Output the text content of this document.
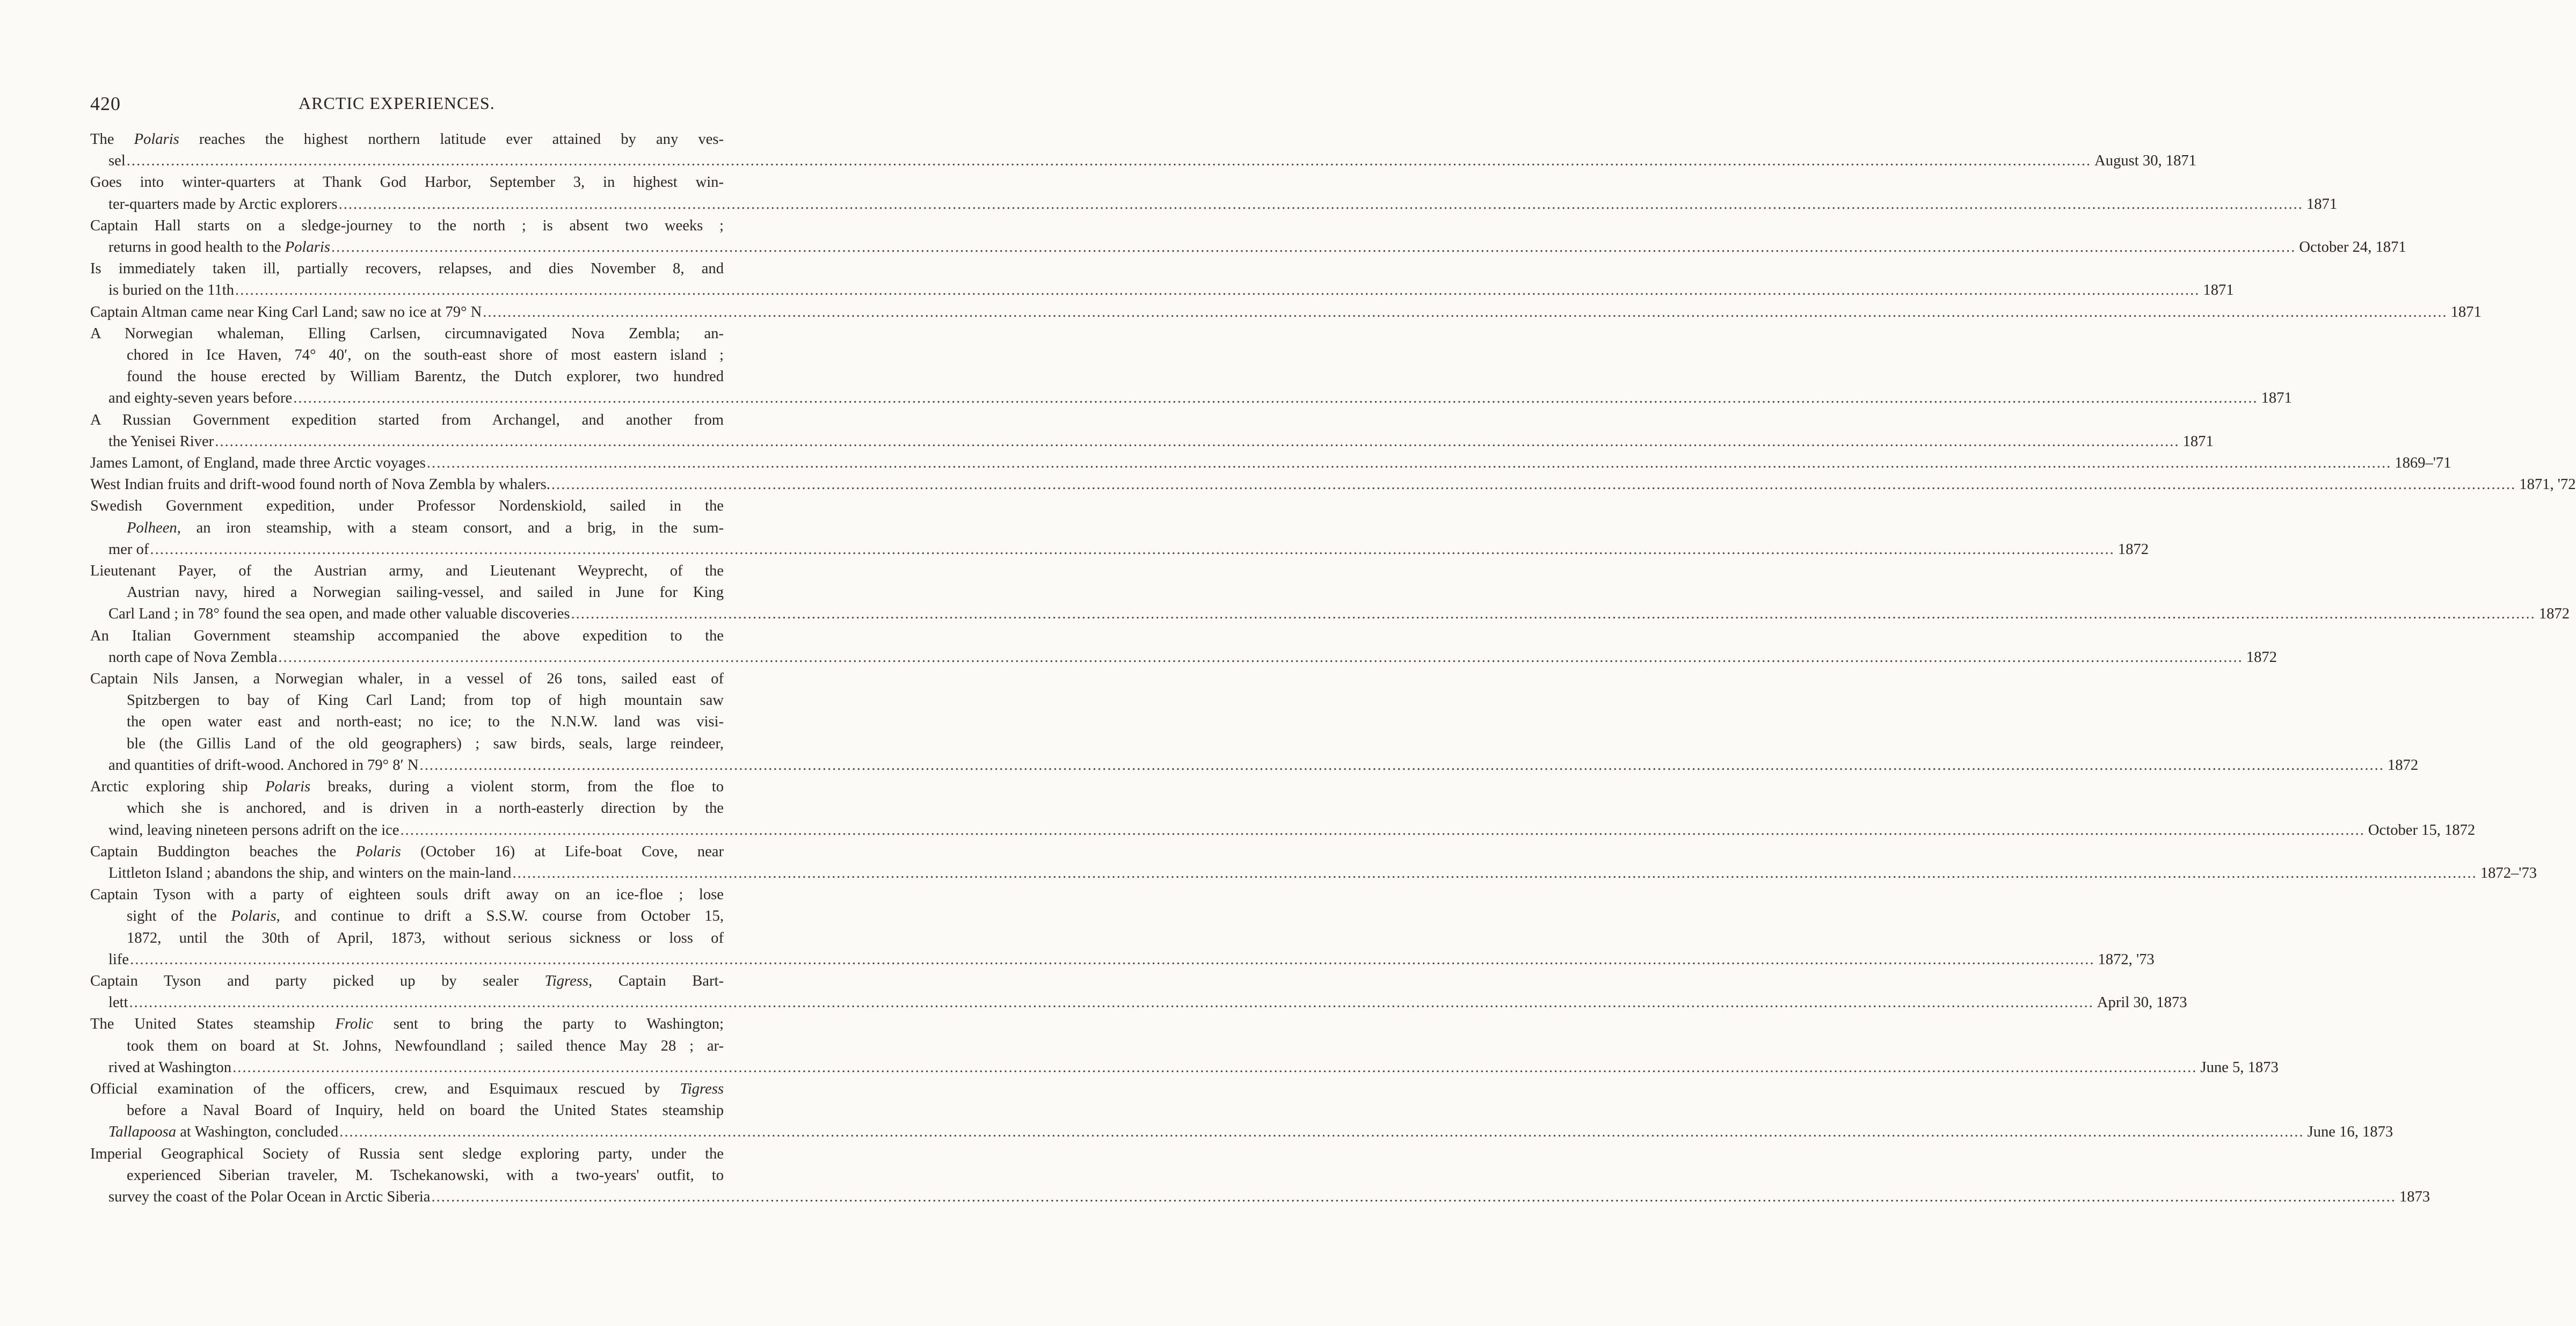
420	ARCTIC EXPERIENCES.
The Polaris reaches the highest northern latitude ever attained by any ves-
sel ................................................................................................................................................................................................................................................................................................................................................................................................................ August 30, 1871
Goes into winter-quarters at Thank God Harbor, September 3, in highest win-
ter-quarters made by Arctic explorers ................................................................................................................................................................................................................................................................................................................................................................................................................ 1871
Captain Hall starts on a sledge-journey to the north ; is absent two weeks ;
returns in good health to the Polaris ................................................................................................................................................................................................................................................................................................................................................................................................................ October 24, 1871
Is immediately taken ill, partially recovers, relapses, and dies November 8, and
is buried on the 11th ................................................................................................................................................................................................................................................................................................................................................................................................................ 1871
Captain Altman came near King Carl Land; saw no ice at 79° N ................................................................................................................................................................................................................................................................................................................................................................................................................ 1871
A Norwegian whaleman, Elling Carlsen, circumnavigated Nova Zembla; an-
chored in Ice Haven, 74° 40′, on the south-east shore of most eastern island ;
found the house erected by William Barentz, the Dutch explorer, two hundred
and eighty-seven years before ................................................................................................................................................................................................................................................................................................................................................................................................................ 1871
A Russian Government expedition started from Archangel, and another from
the Yenisei River ................................................................................................................................................................................................................................................................................................................................................................................................................ 1871
James Lamont, of England, made three Arctic voyages ................................................................................................................................................................................................................................................................................................................................................................................................................ 1869–'71
West Indian fruits and drift-wood found north of Nova Zembla by whalers. ................................................................................................................................................................................................................................................................................................................................................................................................................ 1871, '72
Swedish Government expedition, under Professor Nordenskiold, sailed in the
Polheen, an iron steamship, with a steam consort, and a brig, in the sum-
mer of ................................................................................................................................................................................................................................................................................................................................................................................................................ 1872
Lieutenant Payer, of the Austrian army, and Lieutenant Weyprecht, of the
Austrian navy, hired a Norwegian sailing-vessel, and sailed in June for King
Carl Land ; in 78° found the sea open, and made other valuable discoveries ................................................................................................................................................................................................................................................................................................................................................................................................................ 1872
An Italian Government steamship accompanied the above expedition to the
north cape of Nova Zembla ................................................................................................................................................................................................................................................................................................................................................................................................................ 1872
Captain Nils Jansen, a Norwegian whaler, in a vessel of 26 tons, sailed east of
Spitzbergen to bay of King Carl Land; from top of high mountain saw
the open water east and north-east; no ice; to the N.N.W. land was visi-
ble (the Gillis Land of the old geographers) ; saw birds, seals, large reindeer,
and quantities of drift-wood. Anchored in 79° 8′ N ................................................................................................................................................................................................................................................................................................................................................................................................................ 1872
Arctic exploring ship Polaris breaks, during a violent storm, from the floe to
which she is anchored, and is driven in a north-easterly direction by the
wind, leaving nineteen persons adrift on the ice ................................................................................................................................................................................................................................................................................................................................................................................................................ October 15, 1872
Captain Buddington beaches the Polaris (October 16) at Life-boat Cove, near
Littleton Island ; abandons the ship, and winters on the main-land ................................................................................................................................................................................................................................................................................................................................................................................................................ 1872–'73
Captain Tyson with a party of eighteen souls drift away on an ice-floe ; lose
sight of the Polaris, and continue to drift a S.S.W. course from October 15,
1872, until the 30th of April, 1873, without serious sickness or loss of
life ................................................................................................................................................................................................................................................................................................................................................................................................................ 1872, '73
Captain Tyson and party picked up by sealer Tigress, Captain Bart-
lett ................................................................................................................................................................................................................................................................................................................................................................................................................ April 30, 1873
The United States steamship Frolic sent to bring the party to Washington;
took them on board at St. Johns, Newfoundland ; sailed thence May 28 ; ar-
rived at Washington ................................................................................................................................................................................................................................................................................................................................................................................................................ June 5, 1873
Official examination of the officers, crew, and Esquimaux rescued by Tigress
before a Naval Board of Inquiry, held on board the United States steamship
Tallapoosa at Washington, concluded ................................................................................................................................................................................................................................................................................................................................................................................................................ June 16, 1873
Imperial Geographical Society of Russia sent sledge exploring party, under the
experienced Siberian traveler, M. Tschekanowski, with a two-years' outfit, to
survey the coast of the Polar Ocean in Arctic Siberia ................................................................................................................................................................................................................................................................................................................................................................................................................ 1873
